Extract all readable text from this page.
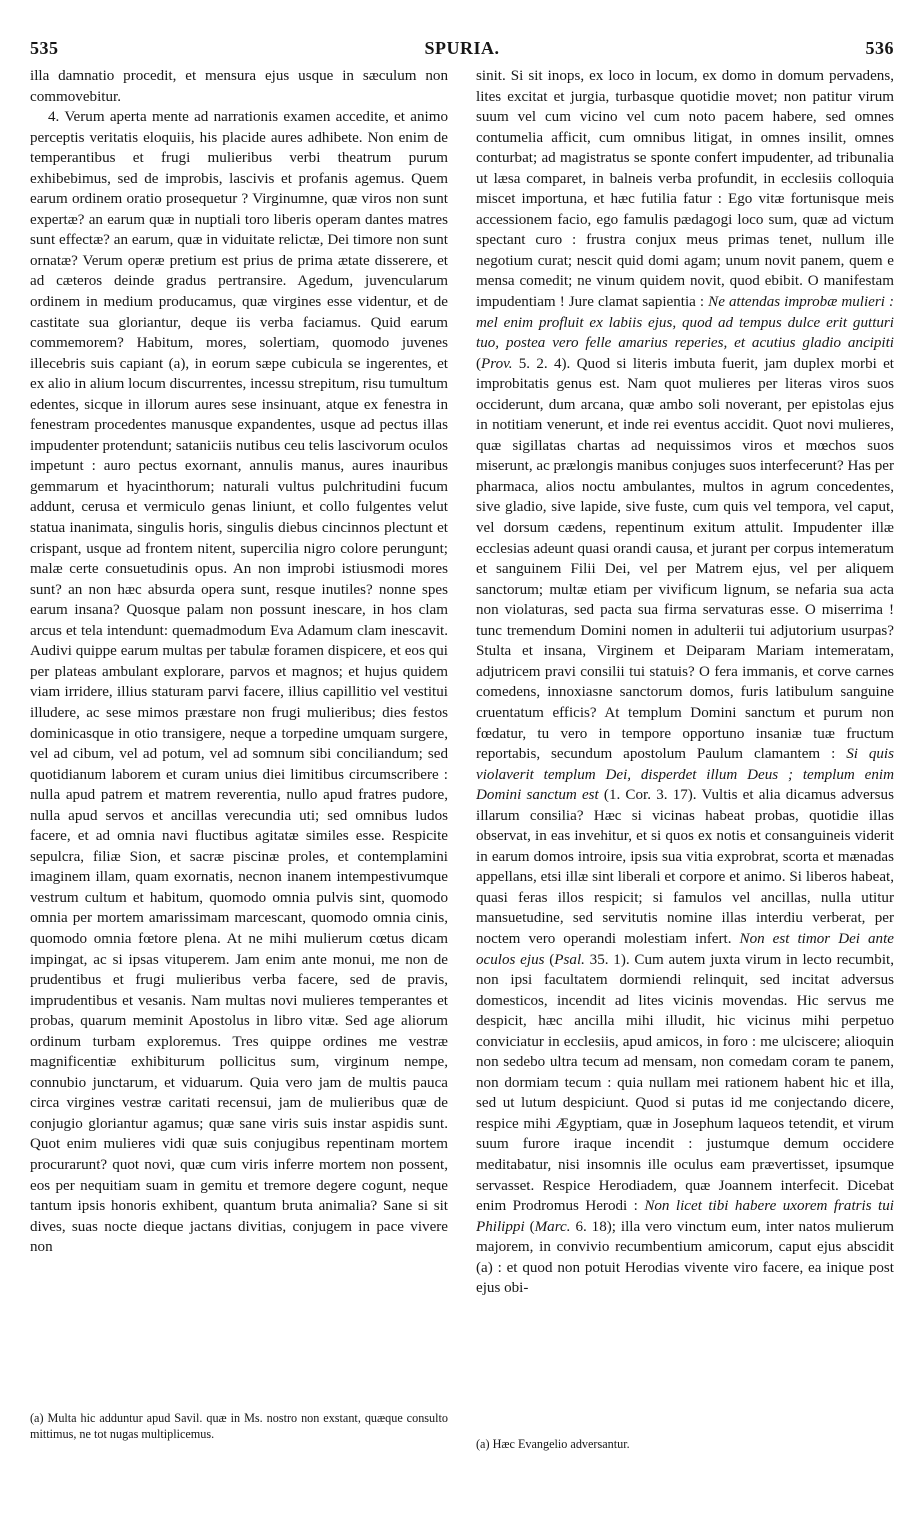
535	SPURIA.	536

illa damnatio procedit, et mensura ejus usque in sæculum non commovebitur.

4. Verum aperta mente ad narrationis examen accedite, et animo perceptis veritatis eloquiis, his placide aures adhibete. Non enim de temperantibus et frugi mulieribus verbi theatrum purum exhibebimus, sed de improbis, lascivis et profanis agemus. Quem earum ordinem oratio prosequetur ? Virginumne, quæ viros non sunt expertæ? an earum quæ in nuptiali toro liberis operam dantes matres sunt effectæ? an earum, quæ in viduitate relictæ, Dei timore non sunt ornatæ? Verum operæ pretium est prius de prima ætate disserere, et ad cæteros deinde gradus pertransire. Agedum, juvencularum ordinem in medium producamus, quæ virgines esse videntur, et de castitate sua gloriantur, deque iis verba faciamus. Quid earum commemorem? Habitum, mores, solertiam, quomodo juvenes illecebris suis capiant (a), in eorum sæpe cubicula se ingerentes, et ex alio in alium locum discurrentes, incessu strepitum, risu tumultum edentes, sicque in illorum aures sese insinuant, atque ex fenestra in fenestram procedentes manusque expandentes, usque ad pectus illas impudenter protendunt; sataniciis nutibus ceu telis lascivorum oculos impetunt : auro pectus exornant, annulis manus, aures inauribus gemmarum et hyacinthorum; naturali vultus pulchritudini fucum addunt, cerusa et vermiculo genas liniunt, et collo fulgentes velut statua inanimata, singulis horis, singulis diebus cincinnos plectunt et crispant, usque ad frontem nitent, supercilia nigro colore perungunt; malæ certe consuetudinis opus. An non improbi istiusmodi mores sunt? an non hæc absurda opera sunt, resque inutiles? nonne spes earum insana? Quosque palam non possunt inescare, in hos clam arcus et tela intendunt: quemadmodum Eva Adamum clam inescavit. Audivi quippe earum multas per tabulæ foramen dispicere, et eos qui per plateas ambulant explorare, parvos et magnos; et hujus quidem viam irridere, illius staturam parvi facere, illius capillitio vel vestitui illudere, ac sese mimos præstare non frugi mulieribus; dies festos dominicasque in otio transigere, neque a torpedine umquam surgere, vel ad cibum, vel ad potum, vel ad somnum sibi conciliandum; sed quotidianum laborem et curam unius diei limitibus circumscribere : nulla apud patrem et matrem reverentia, nullo apud fratres pudore, nulla apud servos et ancillas verecundia uti; sed omnibus ludos facere, et ad omnia navi fluctibus agitatæ similes esse. Respicite sepulcra, filiæ Sion, et sacræ piscinæ proles, et contemplamini imaginem illam, quam exornatis, necnon inanem intempestivumque vestrum cultum et habitum, quomodo omnia pulvis sint, quomodo omnia per mortem amarissimam marcescant, quomodo omnia cinis, quomodo omnia fœtore plena. At ne mihi mulierum cœtus dicam impingat, ac si ipsas vituperem. Jam enim ante monui, me non de prudentibus et frugi mulieribus verba facere, sed de pravis, imprudentibus et vesanis. Nam multas novi mulieres temperantes et probas, quarum meminit Apostolus in libro vitæ. Sed age aliorum ordinum turbam exploremus. Tres quippe ordines me vestræ magnificentiæ exhibiturum pollicitus sum, virginum nempe, connubio junctarum, et viduarum. Quia vero jam de multis pauca circa virgines vestræ caritati recensui, jam de mulieribus quæ de conjugio gloriantur agamus; quæ sane viris suis instar aspidis sunt. Quot enim mulieres vidi quæ suis conjugibus repentinam mortem procurarunt? quot novi, quæ cum viris inferre mortem non possent, eos per nequitiam suam in gemitu et tremore degere cogunt, neque tantum ipsis honoris exhibent, quantum bruta animalia? Sane si sit dives, suas nocte dieque jactans divitias, conjugem in pace vivere non

sinit. Si sit inops, ex loco in locum, ex domo in domum pervadens, lites excitat et jurgia, turbasque quotidie movet; non patitur virum suum vel cum vicino vel cum noto pacem habere, sed omnes contumelia afficit, cum omnibus litigat, in omnes insilit, omnes conturbat; ad magistratus se sponte confert impudenter, ad tribunalia ut læsa comparet, in balneis verba profundit, in ecclesiis colloquia miscet importuna, et hæc futilia fatur : Ego vitæ fortunisque meis accessionem facio, ego famulis pædagogi loco sum, quæ ad victum spectant curo : frustra conjux meus primas tenet, nullum ille negotium curat; nescit quid domi agam; unum novit panem, quem e mensa comedit; ne vinum quidem novit, quod ebibit. O manifestam impudentiam ! Jure clamat sapientia : Ne attendas improbæ mulieri : mel enim profluit ex labiis ejus, quod ad tempus dulce erit gutturi tuo, postea vero felle amarius reperies, et acutius gladio ancipiti (Prov. 5. 2. 4). Quod si literis imbuta fuerit, jam duplex morbi et improbitatis genus est. Nam quot mulieres per literas viros suos occiderunt, dum arcana, quæ ambo soli noverant, per epistolas ejus in notitiam venerunt, et inde rei eventus accidit. Quot novi mulieres, quæ sigillatas chartas ad nequissimos viros et mœchos suos miserunt, ac prælongis manibus conjuges suos interfecerunt? Has per pharmaca, alios noctu ambulantes, multos in agrum concedentes, sive gladio, sive lapide, sive fuste, cum quis vel tempora, vel caput, vel dorsum cædens, repentinum exitum attulit. Impudenter illæ ecclesias adeunt quasi orandi causa, et jurant per corpus intemeratum et sanguinem Filii Dei, vel per Matrem ejus, vel per aliquem sanctorum; multæ etiam per vivificum lignum, se nefaria sua acta non violaturas, sed pacta sua firma servaturas esse. O miserrima ! tunc tremendum Domini nomen in adulterii tui adjutorium usurpas? Stulta et insana, Virginem et Deiparam Mariam intemeratam, adjutricem pravi consilii tui statuis? O fera immanis, et corve carnes comedens, innoxiasne sanctorum domos, furis latibulum sanguine cruentatum efficis? At templum Domini sanctum et purum non fœdatur, tu vero in tempore opportuno insaniæ tuæ fructum reportabis, secundum apostolum Paulum clamantem : Si quis violaverit templum Dei, disperdet illum Deus ; templum enim Domini sanctum est (1. Cor. 3. 17). Vultis et alia dicamus adversus illarum consilia? Hæc si vicinas habeat probas, quotidie illas observat, in eas invehitur, et si quos ex notis et consanguineis viderit in earum domos introire, ipsis sua vitia exprobrat, scorta et mænadas appellans, etsi illæ sint liberali et corpore et animo. Si liberos habeat, quasi feras illos respicit; si famulos vel ancillas, nulla utitur mansuetudine, sed servitutis nomine illas interdiu verberat, per noctem vero operandi molestiam infert. Non est timor Dei ante oculos ejus (Psal. 35. 1). Cum autem juxta virum in lecto recumbit, non ipsi facultatem dormiendi relinquit, sed incitat adversus domesticos, incendit ad lites vicinis movendas. Hic servus me despicit, hæc ancilla mihi illudit, hic vicinus mihi perpetuo conviciatur in ecclesiis, apud amicos, in foro : me ulciscere; alioquin non sedebo ultra tecum ad mensam, non comedam coram te panem, non dormiam tecum : quia nullam mei rationem habent hic et illa, sed ut lutum despiciunt. Quod si putas id me conjectando dicere, respice mihi Ægyptiam, quæ in Josephum laqueos tetendit, et virum suum furore iraque incendit : justumque demum occidere meditabatur, nisi insomnis ille oculus eam prævertisset, ipsumque servasset. Respice Herodiadem, quæ Joannem interfecit. Dicebat enim Prodromus Herodi : Non licet tibi habere uxorem fratris tui Philippi (Marc. 6. 18); illa vero vinctum eum, inter natos mulierum majorem, in convivio recumbentium amicorum, caput ejus abscidit (a) : et quod non potuit Herodias vivente viro facere, ea inique post ejus obi-

(a) Multa hic adduntur apud Savil. quæ in Ms. nostro non exstant, quæque consulto mittimus, ne tot nugas multiplicemus.
(a) Hæc Evangelio adversantur.
